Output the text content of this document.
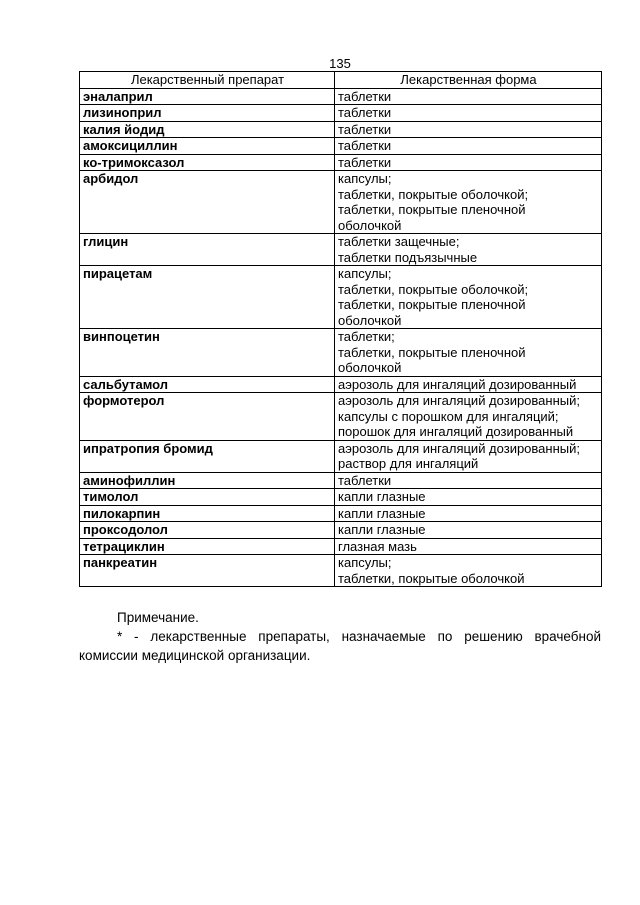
135
Лекарственный препарат	Лекарственная форма
эналаприл	таблетки

лизиноприл	таблетки

калия йодид	таблетки

амоксициллин	таблетки

ко-тримоксазол	таблетки

арбидол	капсулы;
таблетки, покрытые оболочкой;
таблетки, покрытые пленочной
оболочкой

глицин	таблетки защечные;
таблетки подъязычные

пирацетам	капсулы;
таблетки, покрытые оболочкой;
таблетки, покрытые пленочной
оболочкой

винпоцетин	таблетки;
таблетки, покрытые пленочной
оболочкой

сальбутамол	аэрозоль для ингаляций дозированный

формотерол	аэрозоль для ингаляций дозированный;
капсулы с порошком для ингаляций;
порошок для ингаляций дозированный

ипратропия бромид	аэрозоль для ингаляций дозированный;
раствор для ингаляций

аминофиллин	таблетки

тимолол	капли глазные

пилокарпин	капли глазные

проксодолол	капли глазные

тетрациклин	глазная мазь

панкреатин	капсулы;
таблетки, покрытые оболочкой
Примечание.
* - лекарственные препараты, назначаемые по решению врачебной комиссии медицинской организации.
